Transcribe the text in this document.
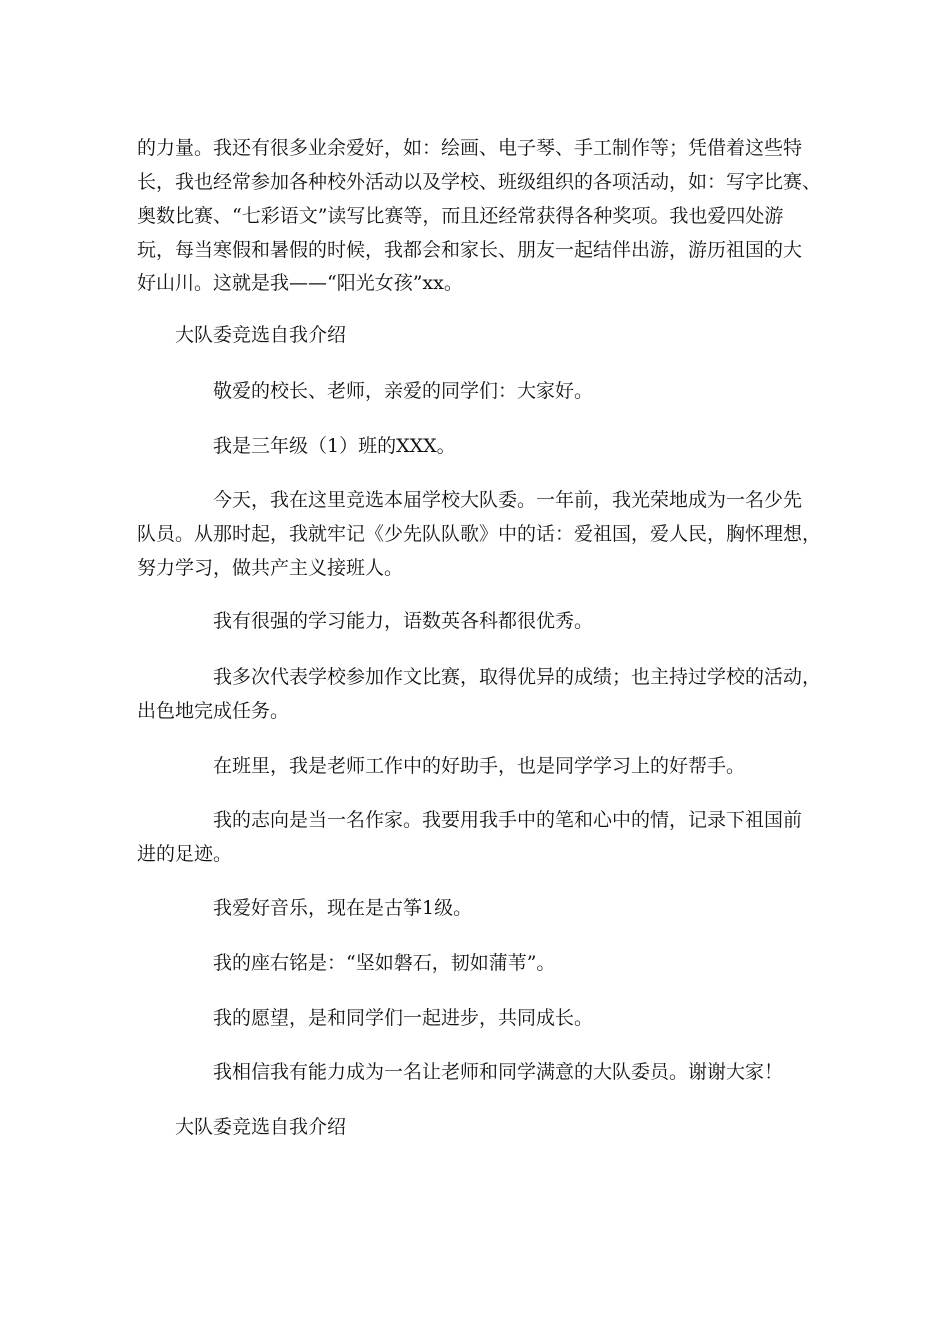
的力量。我还有很多业余爱好，如：绘画、电子琴、手工制作等；凭借着这些特
长，我也经常参加各种校外活动以及学校、班级组织的各项活动，如：写字比赛、
奥数比赛、“七彩语文”读写比赛等，而且还经常获得各种奖项。我也爱四处游
玩，每当寒假和暑假的时候，我都会和家长、朋友一起结伴出游，游历祖国的大
好山川。这就是我——“阳光女孩”xx。
大队委竞选自我介绍
敬爱的校长、老师，亲爱的同学们：大家好。
我是三年级（1）班的XXX。
今天，我在这里竞选本届学校大队委。一年前，我光荣地成为一名少先
队员。从那时起，我就牢记《少先队队歌》中的话：爱祖国，爱人民，胸怀理想，
努力学习，做共产主义接班人。
我有很强的学习能力，语数英各科都很优秀。
我多次代表学校参加作文比赛，取得优异的成绩；也主持过学校的活动，
出色地完成任务。
在班里，我是老师工作中的好助手，也是同学学习上的好帮手。
我的志向是当一名作家。我要用我手中的笔和心中的情，记录下祖国前
进的足迹。
我爱好音乐，现在是古筝1级。
我的座右铭是：“坚如磐石，韧如蒲苇”。
我的愿望，是和同学们一起进步，共同成长。
我相信我有能力成为一名让老师和同学满意的大队委员。谢谢大家！
大队委竞选自我介绍
